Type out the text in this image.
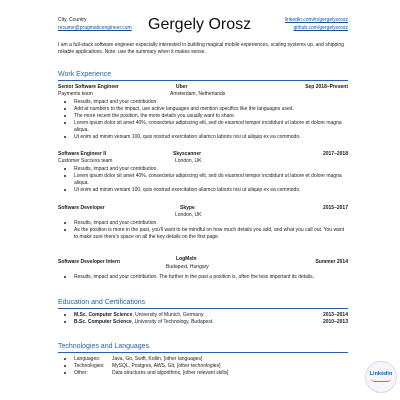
City, Country
resume@pragmaticengineer.com Gergely Orosz	linkedin.com/in/gergelyorosz
github.com/gergelyorosz
I am a full-stack software engineer especially interested in building magical mobile experiences, scaling systems up, and shipping reliable applications. Note: use the summary when it makes sense.
Work Experience
Senior Software Engineer	Uber	Sep 2018–Present
Payments team	Amsterdam, Netherlands
Results, impact and your contribution.
Add at numbers to the impact, use active languages and mention specifics like the languages used.
The more recent the position, the more details you usually want to share.
Lorem ipsum dolor sit amet 40%, consectetur adipiscing elit, sed do eiusmod tempor incididunt ut labore et dolore magna aliqua.
Ut enim ad minim veniam 100, quis nostrud exercitation ullamco laboris nisi ut aliquip ex ea commodo.
Software Engineer II	Skyscanner	2017–2018
Customer Success team	London, UK
Results, impact and your contribution.
Lorem ipsum dolor sit amet 40%, consectetur adipiscing elit, sed do eiusmod tempor incididunt ut labore et dolore magna aliqua.
Ut enim ad minim veniam 100, quis nostrud exercitation ullamco laboris nisi ut aliquip ex ea commodo.
Software Developer	Skype	2015–2017
London, UK
Results, impact and your contribution.
As the position is more in the past, you'll want to be mindful on how much details you add, and what you call out. You want to make sure there's space on all the key details on the first page.
Software Developer Intern	LogMeIn	Summer 2014
Budapest, Hungary
Results, impact and your contribution. The further in the past a position is, often the less important its details.
Education and Certifications
M.Sc. Computer Science, University of Munich, Germany.	2013–2014
B.Sc. Computer Science, University of Technology, Budapest.	2010–2013
Technologies and Languages
Languages: Java, Go, Swift, Kotlin, [other languages]
Technologies: MySQL, Postgres, AWS, Git, [other technologies]
Other:	Data structures and algorithms, [other relevant skills]	Linkedin
